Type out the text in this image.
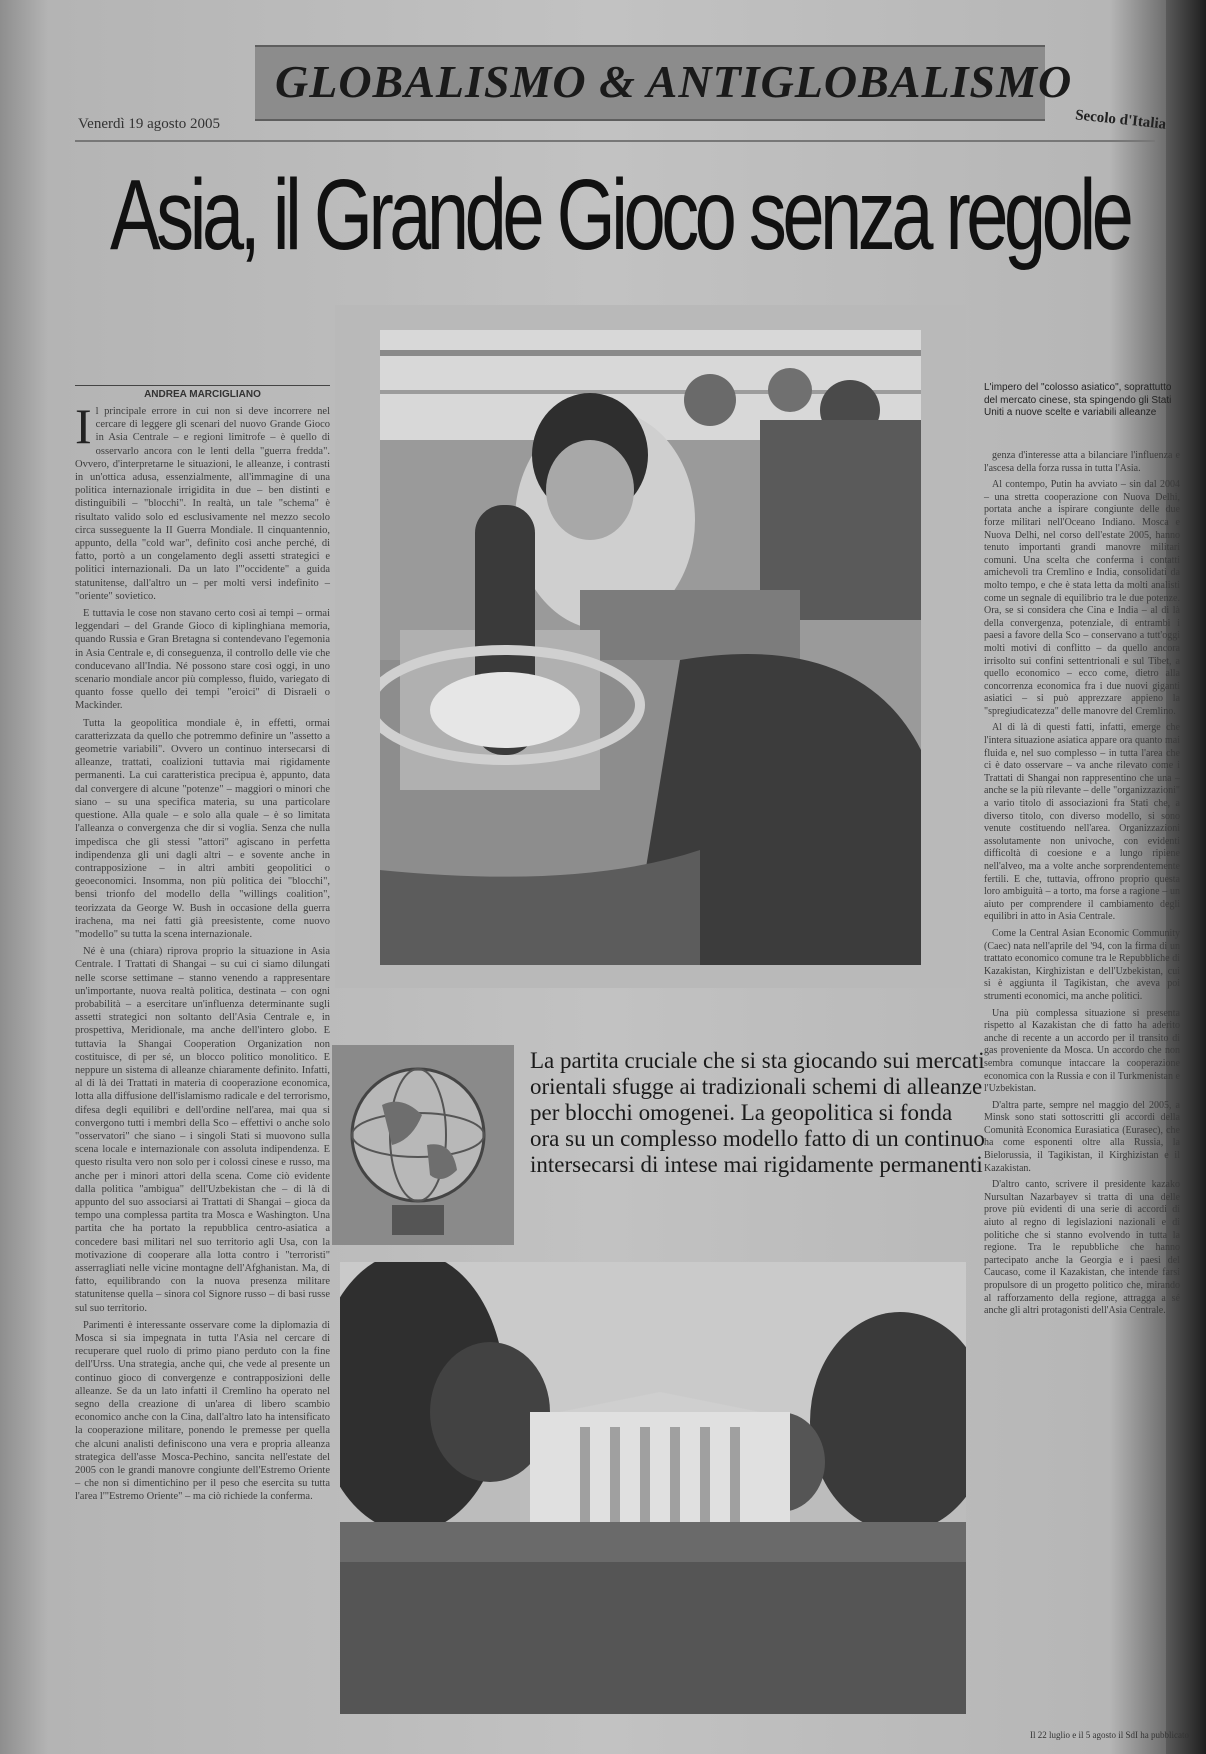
GLOBALISMO & ANTIGLOBALISMO
Venerdì 19 agosto 2005	Secolo d'Italia
Asia, il Grande Gioco senza regole
ANDREA MARCIGLIANO

Il principale errore in cui non si deve incorrere nel cercare di leggere gli scenari del nuovo Grande Gioco in Asia Centrale – e regioni limitrofe – è quello di osservarlo ancora con le lenti della "guerra fredda". Ovvero, d'interpretarne le situazioni, le alleanze, i contrasti in un'ottica adusa, essenzialmente, all'immagine di una politica internazionale irrigidita in due – ben distinti e distinguibili – "blocchi". In realtà, un tale "schema" è risultato valido solo ed esclusivamente nel mezzo secolo circa susseguente la II Guerra Mondiale. Il cinquantennio, appunto, della "cold war", definito così anche perché, di fatto, portò a un congelamento degli assetti strategici e politici internazionali. Da un lato l'"occidente" a guida statunitense, dall'altro un – per molti versi indefinito – "oriente" sovietico.

E tuttavia le cose non stavano certo così ai tempi – ormai leggendari – del Grande Gioco di kiplinghiana memoria, quando Russia e Gran Bretagna si contendevano l'egemonia in Asia Centrale e, di conseguenza, il controllo delle vie che conducevano all'India. Né possono stare così oggi, in uno scenario mondiale ancor più complesso, fluido, variegato di quanto fosse quello dei tempi "eroici" di Disraeli o Mackinder.

Tutta la geopolitica mondiale è, in effetti, ormai caratterizzata da quello che potremmo definire un "assetto a geometrie variabili". Ovvero un continuo intersecarsi di alleanze, trattati, coalizioni tuttavia mai rigidamente permanenti. La cui caratteristica precipua è, appunto, data dal convergere di alcune "potenze" – maggiori o minori che siano – su una specifica materia, su una particolare questione. Alla quale – e solo alla quale – è so limitata l'alleanza o convergenza che dir si voglia. Senza che nulla impedisca che gli stessi "attori" agiscano in perfetta indipendenza gli uni dagli altri – e sovente anche in contrapposizione – in altri ambiti geopolitici o geoeconomici. Insomma, non più politica dei "blocchi", bensì trionfo del modello della "willings coalition", teorizzata da George W. Bush in occasione della guerra irachena, ma nei fatti già preesistente, come nuovo "modello" su tutta la scena internazionale.

Né è una (chiara) riprova proprio la situazione in Asia Centrale. I Trattati di Shangai – su cui ci siamo dilungati nelle scorse settimane – stanno venendo a rappresentare un'importante, nuova realtà politica, destinata – con ogni probabilità – a esercitare un'influenza determinante sugli assetti strategici non soltanto dell'Asia Centrale e, in prospettiva, Meridionale, ma anche dell'intero globo. E tuttavia la Shangai Cooperation Organization non costituisce, di per sé, un blocco politico monolitico. E neppure un sistema di alleanze chiaramente definito. Infatti, al di là dei Trattati in materia di cooperazione economica, lotta alla diffusione dell'islamismo radicale e del terrorismo, difesa degli equilibri e dell'ordine nell'area, mai qua si convergono tutti i membri della Sco – effettivi o anche solo "osservatori" che siano – i singoli Stati si muovono sulla scena locale e internazionale con assoluta indipendenza. E questo risulta vero non solo per i colossi cinese e russo, ma anche per i minori attori della scena. Come ciò evidente dalla politica "ambigua" dell'Uzbekistan che – di là di appunto del suo associarsi ai Trattati di Shangai – gioca da tempo una complessa partita tra Mosca e Washington. Una partita che ha portato la repubblica centro-asiatica a concedere basi militari nel suo territorio agli Usa, con la motivazione di cooperare alla lotta contro i "terroristi" asserragliati nelle vicine montagne dell'Afghanistan. Ma, di fatto, equilibrando con la nuova presenza militare statunitense quella – sinora col Signore russo – di basi russe sul suo territorio.

Parimenti è interessante osservare come la diplomazia di Mosca si sia impegnata in tutta l'Asia nel cercare di recuperare quel ruolo di primo piano perduto con la fine dell'Urss. Una strategia, anche qui, che vede al presente un continuo gioco di convergenze e contrapposizioni delle alleanze. Se da un lato infatti il Cremlino ha operato nel segno della creazione di un'area di libero scambio economico anche con la Cina, dall'altro lato ha intensificato la cooperazione militare, ponendo le premesse per quella che alcuni analisti definiscono una vera e propria alleanza strategica dell'asse Mosca-Pechino, sancita nell'estate del 2005 con le grandi manovre congiunte dell'Estremo Oriente – che non si dimentichino per il peso che esercita su tutta l'area l'"Estremo Oriente" – ma ciò richiede la conferma.

L'impero del "colosso asiatico", soprattutto del mercato cinese, sta spingendo gli Stati Uniti a nuove scelte e variabili alleanze
La partita cruciale che si sta giocando sui mercati orientali sfugge ai tradizionali schemi di alleanze per blocchi omogenei. La geopolitica si fonda ora su un complesso modello fatto di un continuo intersecarsi di intese mai rigidamente permanenti

genza d'interesse atta a bilanciare l'influenza e l'ascesa della forza russa in tutta l'Asia.

Al contempo, Putin ha avviato – sin dal 2004 – una stretta cooperazione con Nuova Delhi, portata anche a ispirare congiunte delle due forze militari nell'Oceano Indiano. Mosca e Nuova Delhi, nel corso dell'estate 2005, hanno tenuto importanti grandi manovre militari comuni. Una scelta che conferma i contatti amichevoli tra Cremlino e India, consolidati da molto tempo, e che è stata letta da molti analisti come un segnale di equilibrio tra le due potenze. Ora, se si considera che Cina e India – al di là della convergenza, potenziale, di entrambi i paesi a favore della Sco – conservano a tutt'oggi molti motivi di conflitto – da quello ancora irrisolto sui confini settentrionali e sul Tibet, a quello economico – ecco come, dietro alla concorrenza economica fra i due nuovi giganti asiatici – si può apprezzare appieno la "spregiudicatezza" delle manovre del Cremlino.

Al di là di questi fatti, infatti, emerge che l'intera situazione asiatica appare ora quanto mai fluida e, nel suo complesso – in tutta l'area che ci è dato osservare – va anche rilevato come i Trattati di Shangai non rappresentino che una – anche se la più rilevante – delle "organizzazioni" a vario titolo di associazioni fra Stati che, a diverso titolo, con diverso modello, si sono venute costituendo nell'area. Organizzazioni assolutamente non univoche, con evidenti difficoltà di coesione e a lungo ripiene nell'alveo, ma a volte anche sorprendentemente fertili. E che, tuttavia, offrono proprio questa loro ambiguità – a torto, ma forse a ragione – un aiuto per comprendere il cambiamento degli equilibri in atto in Asia Centrale.

Come la Central Asian Economic Community (Caec) nata nell'aprile del '94, con la firma di un trattato economico comune tra le Repubbliche di Kazakistan, Kirghizistan e dell'Uzbekistan, cui si è aggiunta il Tagikistan, che aveva poi strumenti economici, ma anche politici.

Una più complessa situazione si presenta rispetto al Kazakistan che di fatto ha aderito anche di recente a un accordo per il transito di gas proveniente da Mosca. Un accordo che non sembra comunque intaccare la cooperazione economica con la Russia e con il Turkmenistan e l'Uzbekistan.

D'altra parte, sempre nel maggio del 2005, a Minsk sono stati sottoscritti gli accordi della Comunità Economica Eurasiatica (Eurasec), che ha come esponenti oltre alla Russia, la Bielorussia, il Tagikistan, il Kirghizistan e il Kazakistan.

D'altro canto, scrivere il presidente kazako Nursultan Nazarbayev si tratta di una delle prove più evidenti di una serie di accordi di aiuto al regno di legislazioni nazionali e di politiche che si stanno evolvendo in tutta la regione. Tra le repubbliche che hanno partecipato anche la Georgia e i paesi del Caucaso, come il Kazakistan, che intende farsi propulsore di un progetto politico che, mirando al rafforzamento della regione, attragga a sé anche gli altri protagonisti dell'Asia Centrale.

Il 22 luglio e il 5 agosto il SdI ha pubblicato
